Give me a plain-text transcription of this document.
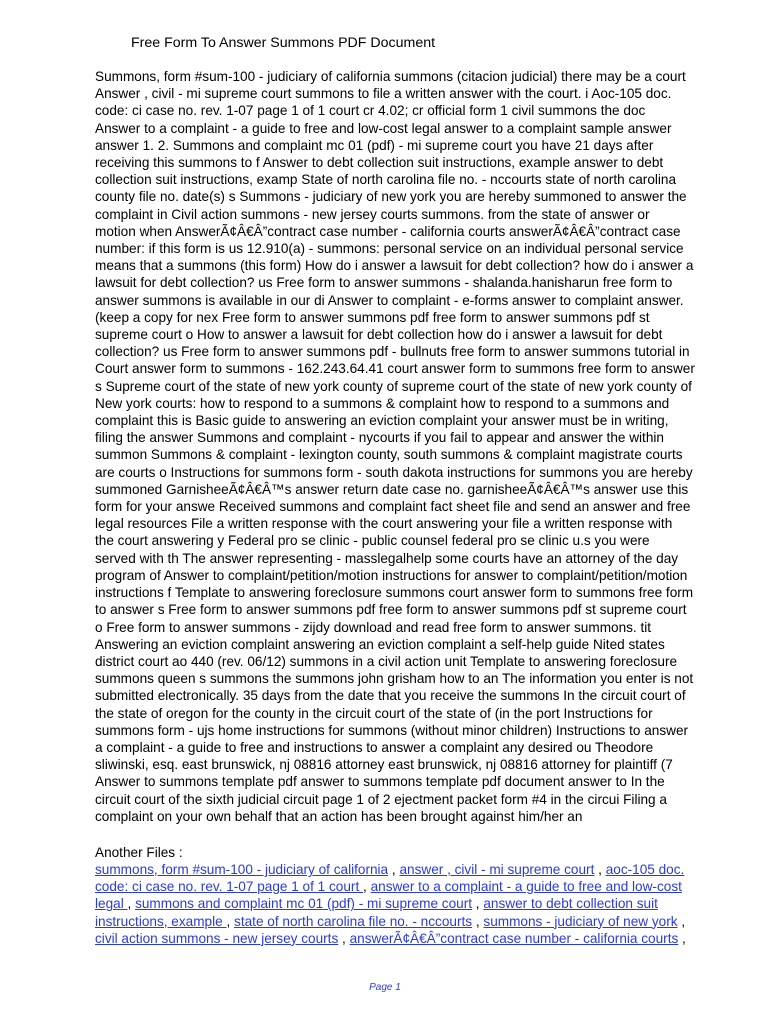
Free Form To Answer Summons PDF Document
Summons, form #sum-100 - judiciary of california summons (citacion judicial) there may be a court
Answer , civil - mi supreme court summons to file a written answer with the court. i Aoc-105 doc.
code: ci case no. rev. 1-07 page 1 of 1 court cr 4.02; cr official form 1 civil summons the doc
Answer to a complaint - a guide to free and low-cost legal answer to a complaint sample answer
answer 1. 2. Summons and complaint mc 01 (pdf) - mi supreme court you have 21 days after
receiving this summons to f Answer to debt collection suit instructions, example answer to debt
collection suit instructions, examp State of north carolina file no. - nccourts state of north carolina
county file no. date(s) s Summons - judiciary of new york you are hereby summoned to answer the
complaint in Civil action summons - new jersey courts summons. from the state of answer or
motion when AnswerÃ¢Â€Â”contract case number - california courts answerÃ¢Â€Â”contract case
number: if this form is us 12.910(a) - summons: personal service on an individual personal service
means that a summons (this form) How do i answer a lawsuit for debt collection? how do i answer a
lawsuit for debt collection? us Free form to answer summons - shalanda.hanisharun free form to
answer summons is available in our di Answer to complaint - e-forms answer to complaint answer.
(keep a copy for nex Free form to answer summons pdf free form to answer summons pdf st
supreme court o How to answer a lawsuit for debt collection how do i answer a lawsuit for debt
collection? us Free form to answer summons pdf - bullnuts free form to answer summons tutorial in
Court answer form to summons - 162.243.64.41 court answer form to summons free form to answer
s Supreme court of the state of new york county of supreme court of the state of new york county of
New york courts: how to respond to a summons & complaint how to respond to a summons and
complaint this is Basic guide to answering an eviction complaint your answer must be in writing,
filing the answer Summons and complaint - nycourts if you fail to appear and answer the within
summon Summons & complaint - lexington county, south summons & complaint magistrate courts
are courts o Instructions for summons form - south dakota instructions for summons you are hereby
summoned GarnisheeÃ¢Â€Â™s answer return date case no. garnisheeÃ¢Â€Â™s answer use this
form for your answe Received summons and complaint fact sheet file and send an answer and free
legal resources File a written response with the court answering your file a written response with
the court answering y Federal pro se clinic - public counsel federal pro se clinic u.s you were
served with th The answer representing - masslegalhelp some courts have an attorney of the day
program of Answer to complaint/petition/motion instructions for answer to complaint/petition/motion
instructions f Template to answering foreclosure summons court answer form to summons free form
to answer s Free form to answer summons pdf free form to answer summons pdf st supreme court
o Free form to answer summons - zijdy download and read free form to answer summons. tit
Answering an eviction complaint answering an eviction complaint a self-help guide Nited states
district court ao 440 (rev. 06/12) summons in a civil action unit Template to answering foreclosure
summons queen s summons the summons john grisham how to an The information you enter is not
submitted electronically. 35 days from the date that you receive the summons In the circuit court of
the state of oregon for the county in the circuit court of the state of (in the port Instructions for
summons form - ujs home instructions for summons (without minor children) Instructions to answer
a complaint - a guide to free and instructions to answer a complaint any desired ou Theodore
sliwinski, esq. east brunswick, nj 08816 attorney east brunswick, nj 08816 attorney for plaintiff (7
Answer to summons template pdf answer to summons template pdf document answer to In the
circuit court of the sixth judicial circuit page 1 of 2 ejectment packet form #4 in the circui Filing a
complaint on your own behalf that an action has been brought against him/her an
Another Files :
summons, form #sum-100 - judiciary of california , answer , civil - mi supreme court , aoc-105 doc.
code: ci case no. rev. 1-07 page 1 of 1 court , answer to a complaint - a guide to free and low-cost
legal , summons and complaint mc 01 (pdf) - mi supreme court , answer to debt collection suit
instructions, example , state of north carolina file no. - nccourts , summons - judiciary of new york ,
civil action summons - new jersey courts , answerÃ¢Â€Â”contract case number - california courts ,
Page 1
